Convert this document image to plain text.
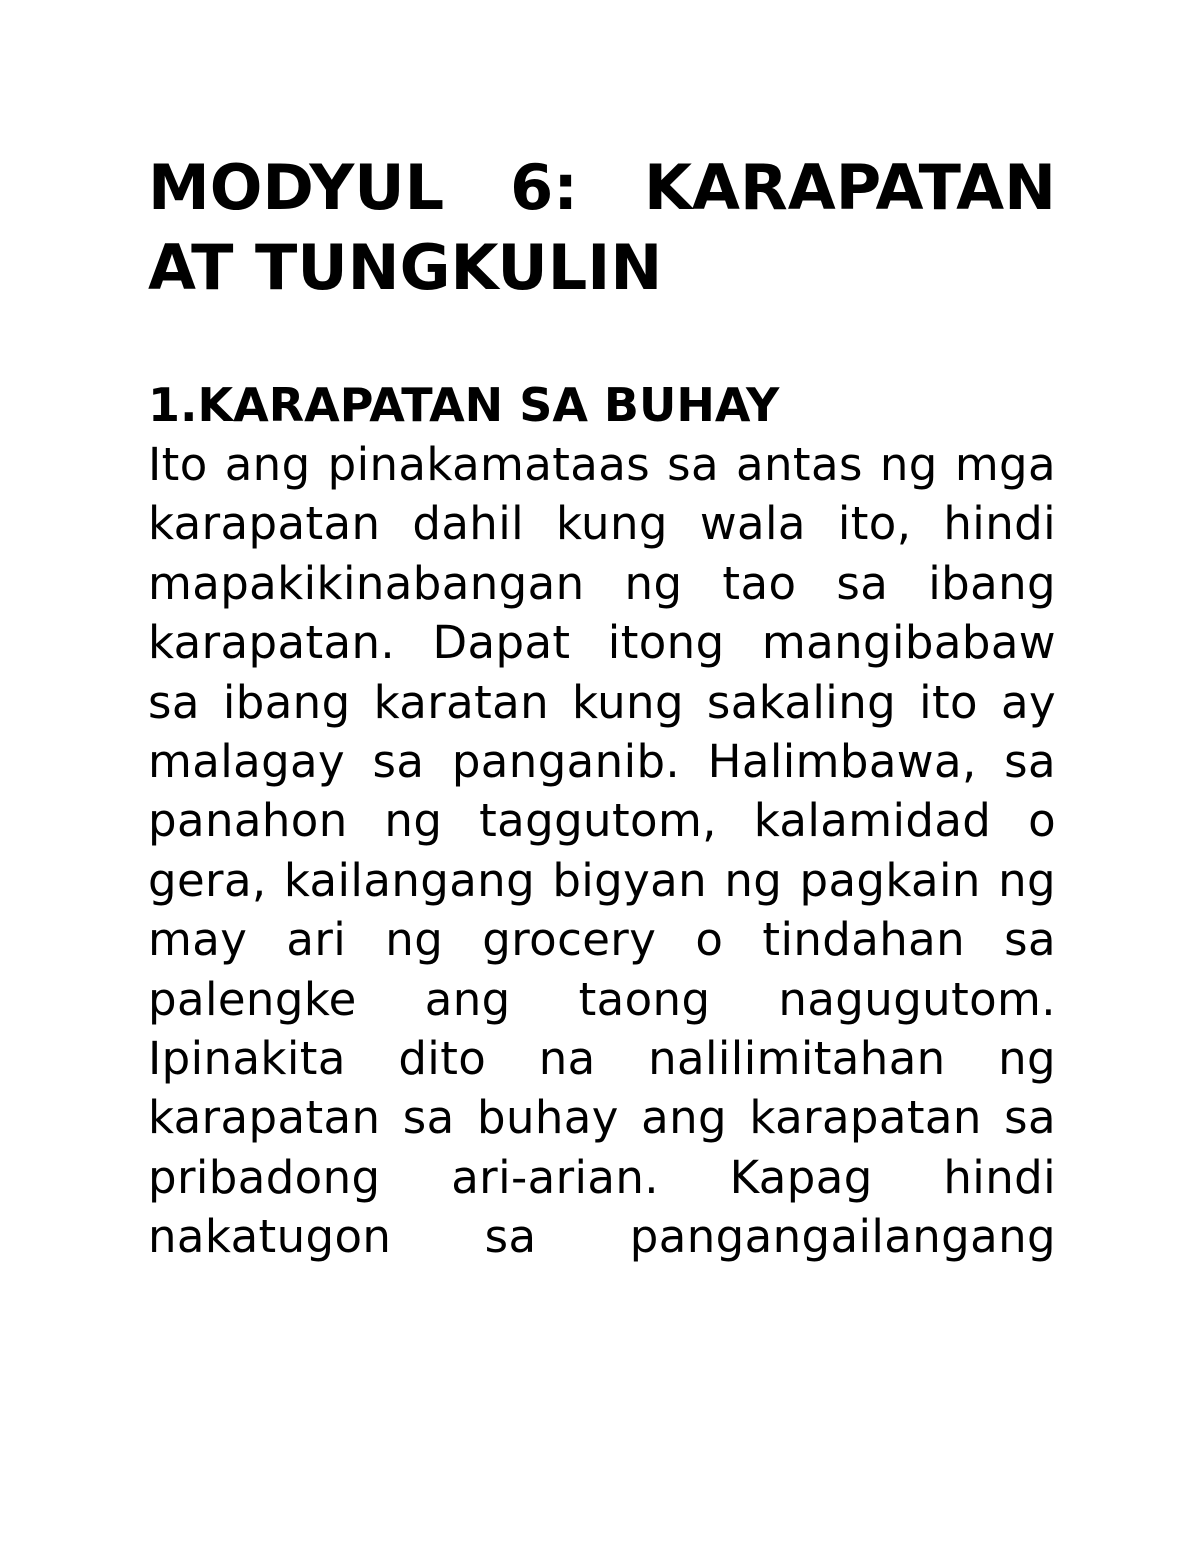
MODYUL 6: KARAPATAN AT TUNGKULIN
1.KARAPATAN SA BUHAY

Ito ang pinakamataas sa antas ng mga karapatan dahil kung wala ito, hindi mapakikinabangan ng tao sa ibang karapatan. Dapat itong mangibabaw sa ibang karatan kung sakaling ito ay malagay sa panganib. Halimbawa, sa panahon ng taggutom, kalamidad o gera, kailangang bigyan ng pagkain ng may ari ng grocery o tindahan sa palengke ang taong nagugutom. Ipinakita dito na nalilimitahan ng karapatan sa buhay ang karapatan sa pribadong ari-arian. Kapag hindi nakatugon sa pangangailangang
